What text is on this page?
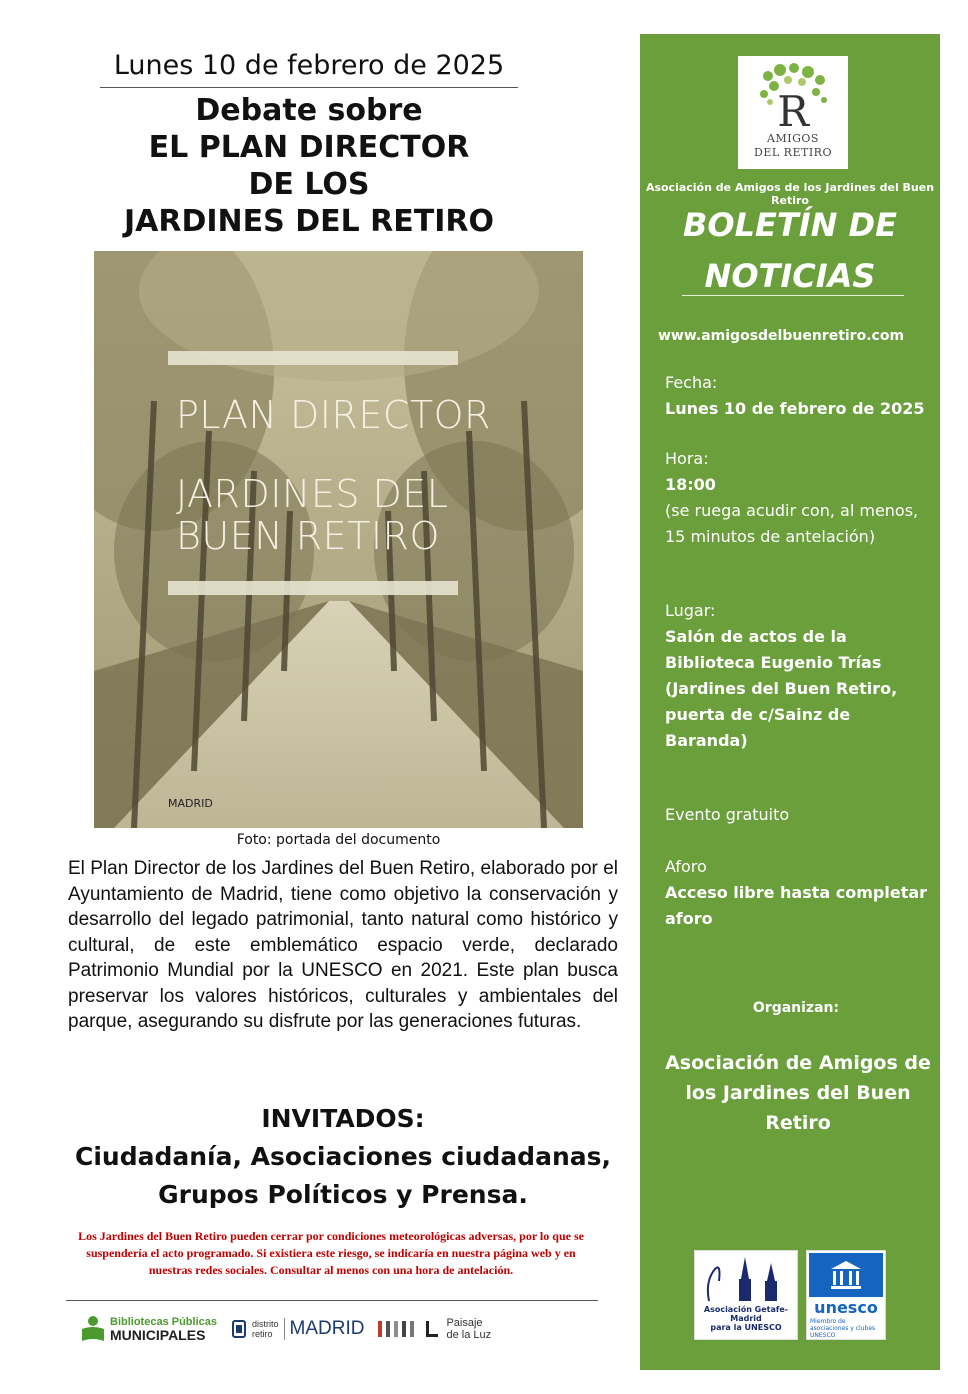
Lunes 10 de febrero de 2025
Debate sobre
EL PLAN DIRECTOR
DE LOS
JARDINES DEL RETIRO
PLAN DIRECTOR
JARDINES DEL
BUEN RETIRO
MADRID
Foto: portada del documento
El Plan Director de los Jardines del Buen Retiro, elaborado por el Ayuntamiento de Madrid, tiene como objetivo la conservación y desarrollo del legado patrimonial, tanto natural como histórico y cultural, de este emblemático espacio verde, declarado Patrimonio Mundial por la UNESCO en 2021. Este plan busca preservar los valores históricos, culturales y ambientales del parque, asegurando su disfrute por las generaciones futuras.
INVITADOS:
Ciudadanía, Asociaciones ciudadanas,
Grupos Políticos y Prensa.
Los Jardines del Buen Retiro pueden cerrar por condiciones meteorológicas adversas, por lo que se suspendería el acto programado. Si existiera este riesgo, se indicaría en nuestra página web y en nuestras redes sociales. Consultar al menos con una hora de antelación.
Bibliotecas Públicas
MUNICIPALES
distrito
retiro MADRID	Paisaje
de la Luz
R
AMIGOS
DEL RETIRO
Asociación de Amigos de los Jardines del Buen Retiro
BOLETÍN DE
NOTICIAS
www.amigosdelbuenretiro.com
Fecha:
Lunes 10 de febrero de 2025
Hora:
18:00
(se ruega acudir con, al menos, 15 minutos de antelación)
Lugar:
Salón de actos de la Biblioteca Eugenio Trías (Jardines del Buen Retiro, puerta de c/Sainz de Baranda)
Evento gratuito
Aforo
Acceso libre hasta completar aforo
Organizan:
Asociación de Amigos de los Jardines del Buen Retiro
Asociación Getafe-Madrid
para la UNESCO
unesco
Miembro de asociaciones y clubes UNESCO
